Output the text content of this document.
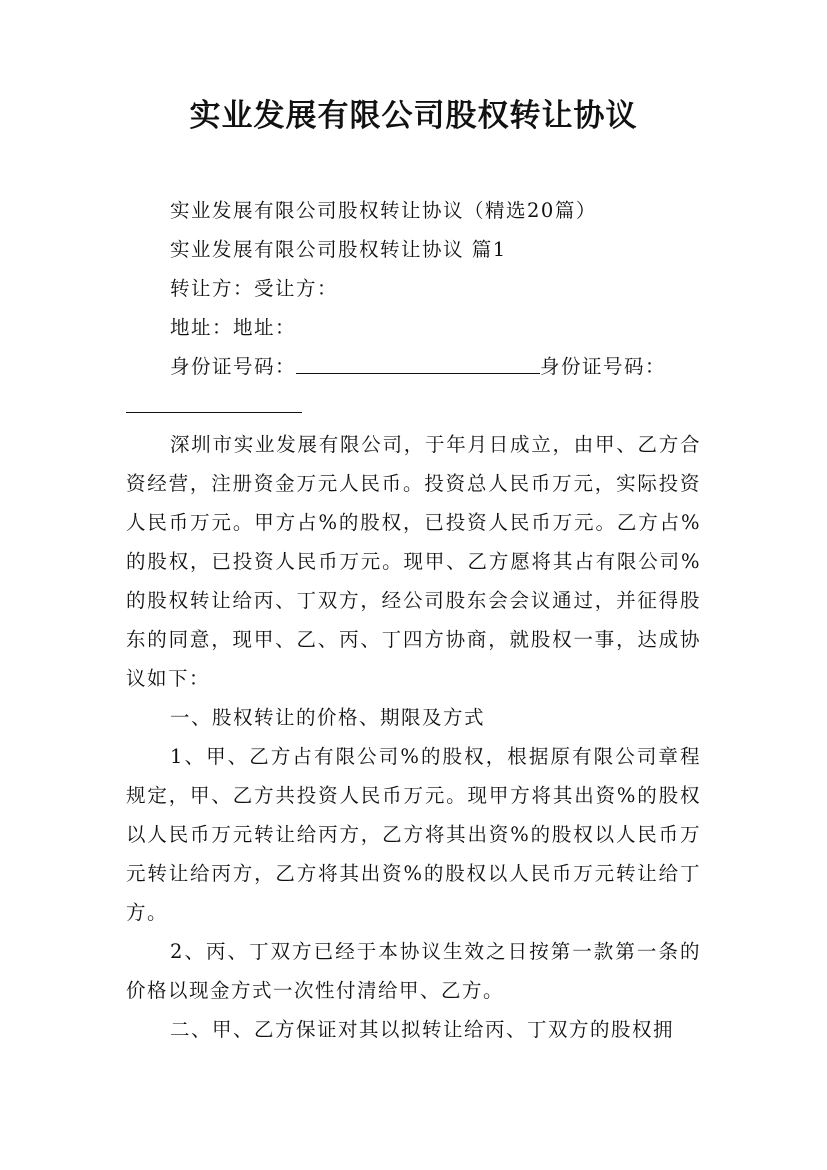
实业发展有限公司股权转让协议

实业发展有限公司股权转让协议（精选20篇）

实业发展有限公司股权转让协议 篇1

转让方：受让方：

地址：地址：

身份证号码：	身份证号码：

深圳市实业发展有限公司，于年月日成立，由甲、乙方合资经营，注册资金万元人民币。投资总人民币万元，实际投资人民币万元。甲方占%的股权，已投资人民币万元。乙方占%的股权，已投资人民币万元。现甲、乙方愿将其占有限公司%的股权转让给丙、丁双方，经公司股东会会议通过，并征得股东的同意，现甲、乙、丙、丁四方协商，就股权一事，达成协议如下：

一、股权转让的价格、期限及方式

1、甲、乙方占有限公司%的股权，根据原有限公司章程规定，甲、乙方共投资人民币万元。现甲方将其出资%的股权以人民币万元转让给丙方，乙方将其出资%的股权以人民币万元转让给丙方，乙方将其出资%的股权以人民币万元转让给丁方。

2、丙、丁双方已经于本协议生效之日按第一款第一条的价格以现金方式一次性付清给甲、乙方。

二、甲、乙方保证对其以拟转让给丙、丁双方的股权拥
